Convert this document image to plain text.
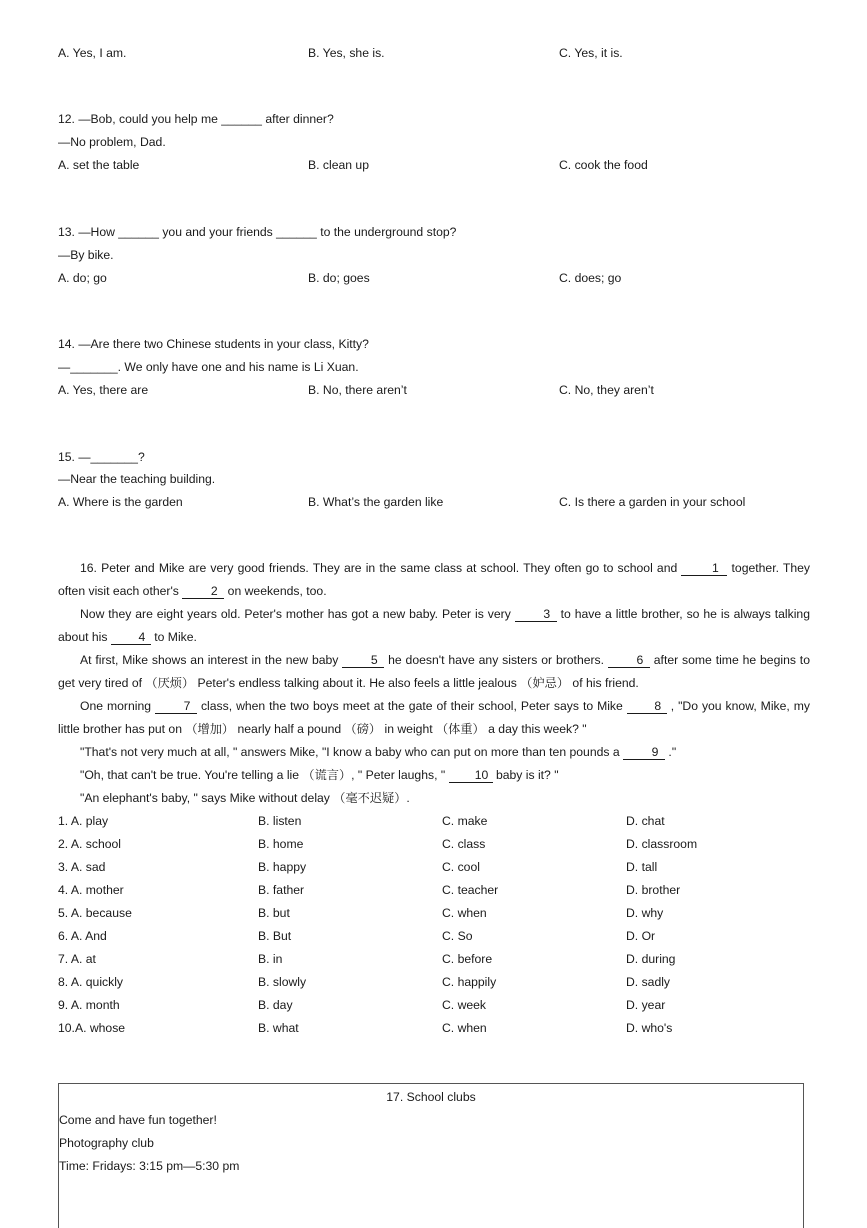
A. Yes, I am.	B. Yes, she is.	C. Yes, it is.
12. —Bob, could you help me ______ after dinner?
—No problem, Dad.
A. set the table	B. clean up	C. cook the food
13. —How ______ you and your friends ______ to the underground stop?
—By bike.
A. do; go	B. do; goes	C. does; go
14. —Are there two Chinese students in your class, Kitty?
—_______. We only have one and his name is Li Xuan.
A. Yes, there are	B. No, there aren’t	C. No, they aren’t
15. —_______?
—Near the teaching building.
A. Where is the garden	B. What’s the garden like	C. Is there a garden in your school

16. Peter and Mike are very good friends. They are in the same class at school. They often go to school and	1 together. They often visit each other's 2 on weekends, too.

Now they are eight years old. Peter's mother has got a new baby. Peter is very 3 to have a little brother, so he is always talking about his 4 to Mike.

At first, Mike shows an interest in the new baby 5 he doesn't have any sisters or brothers. 6 after some time he begins to get very tired of （厌烦） Peter's endless talking about it. He also feels a little jealous （妒忌） of his friend.

One morning 7 class, when the two boys meet at the gate of their school, Peter says to Mike 8 , "Do you know, Mike, my little brother has put on （增加） nearly half a pound （磅） in weight （体重） a day this week? "

"That's not very much at all, " answers Mike, "I know a baby who can put on more than ten pounds a 9 ."

"Oh, that can't be true. You're telling a lie （谎言）, " Peter laughs, " 10 baby is it? "

"An elephant's baby, " says Mike without delay （毫不迟疑）.

1. A. play	B. listen	C. make	D. chat
2. A. school	B. home	C. class	D. classroom
3. A. sad	B. happy	C. cool	D. tall
4. A. mother	B. father	C. teacher	D. brother
5. A. because	B. but	C. when	D. why
6. A. And	B. But	C. So	D. Or
7. A. at	B. in	C. before	D. during
8. A. quickly	B. slowly	C. happily	D. sadly
9. A. month	B. day	C. week	D. year
10.A. whose	B. what	C. when	D. who's
17. School clubs
Come and have fun together!
Photography club
Time: Fridays: 3:15 pm—5:30 pm
